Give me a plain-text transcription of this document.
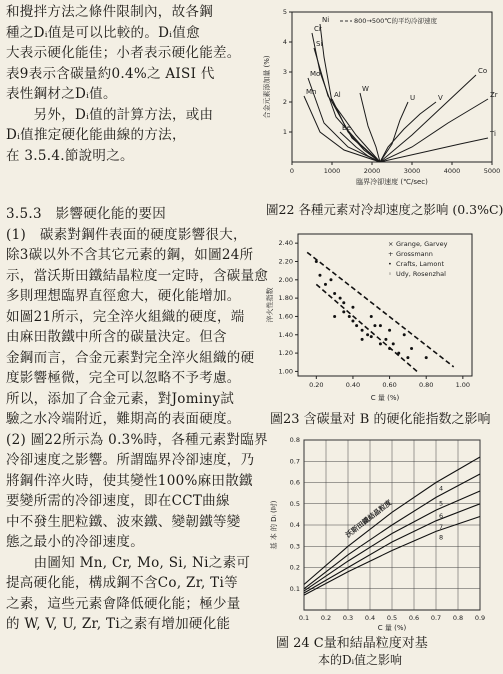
和攪拌方法之條件限制內，故各鋼
種之Dᵢ值是可以比較的。Dᵢ值愈
大表示硬化能佳；小者表示硬化能差。
表9表示含碳量約0.4%之 AISI 代
表性鋼材之Dᵢ值。
　　另外，Dᵢ值的計算方法，或由
Dᵢ值推定硬化能曲線的方法，
在 3.5.4.節說明之。
3.5.3　影響硬化能的要因
(1)　碳素對鋼件表面的硬度影響很大，
除3碳以外不含其它元素的鋼，如圖24所
示，當沃斯田鐵結晶粒度一定時，含碳量愈
多則理想臨界直徑愈大，硬化能增加。
如圖21所示，完全淬火組織的硬度，端
由麻田散鐵中所含的碳量決定。但含
金鋼而言，合金元素對完全淬火組織的硬
度影響極微，完全可以忽略不予考慮。
所以，添加了合金元素，對Jominy試
驗之水冷端附近，難期高的表面硬度。
(2) 圖22所示為 0.3%時，各種元素對臨界
冷卻速度之影響。所謂臨界冷卻速度，乃
將鋼件淬火時，使其變性100%麻田散鐵
要變所需的冷卻速度，即在CCT曲線
中不發生肥粒鐵、波來鐵、變韌鐵等變
態之最小的冷卻速度。
　　由圖知 Mn, Cr, Mo, Si, Ni之素可
提高硬化能，構成鋼不含Co, Zr, Ti等
之素，這些元素會降低硬化能；極少量
的 W, V, U, Zr, Ti之素有增加硬化能
0	1000	2000	3000	4000	5000
1
2
3
4
5
臨界冷卻速度 (℃/sec)
合金元素添加量 (%)
800→500℃的平均冷卻速度
Ni
Cr
Si
Mo
Mn	Al
Be
W
V
U
Co
Zr
Ti
圖22 各種元素对冷却速度之影响 (0.3%C)
0.20	0.40	0.60	0.80	1.00
1.00
1.20
1.40
1.60
1.80
2.00
2.20
2.40
C 量 (%)
淬火性指数
× Grange, Garvey
+ Grossmann
• Crafts, Lamont
◦ Udy, Rosenzhal
圖23 含碳量对 B 的硬化能指数之影响
0.1 0.2 0.3 0.4 0.5 0.6 0.7 0.8 0.9
0.1
0.2
0.3
0.4
0.5
0.6
0.7
0.8
C 量 (%)
基 本 的 Dᵢ (吋)
4
5
6
7
8
沃斯田鐵結晶粒度
圖 24 C量和結晶粒度对基
本的Dᵢ值之影响
